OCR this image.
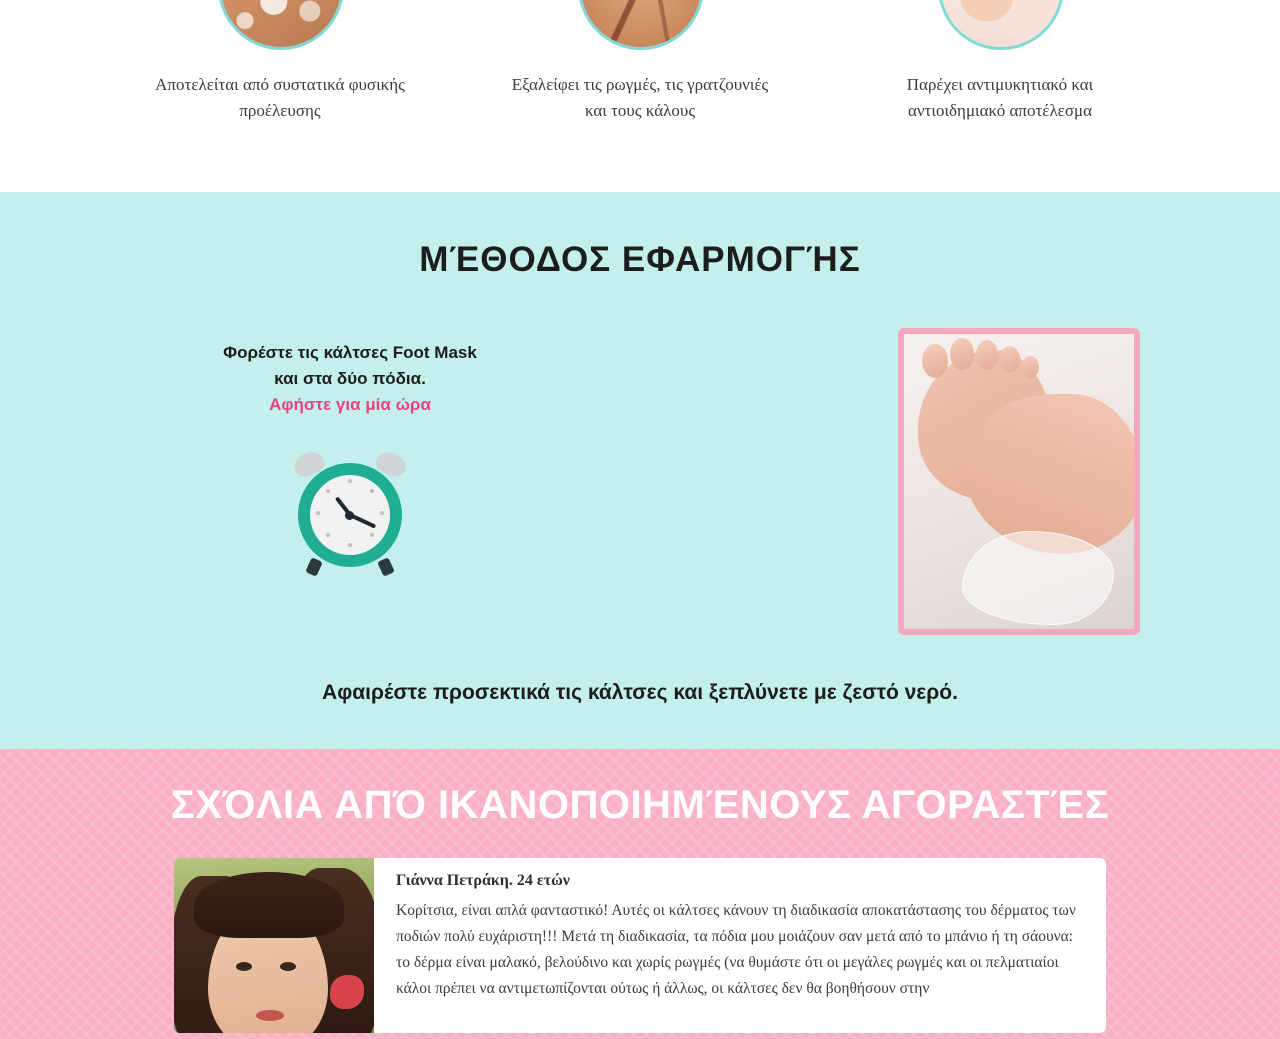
Αποτελείται από συστατικά φυσικής προέλευσης
Εξαλείφει τις ρωγμές, τις γρατζουνιές και τους κάλους
Παρέχει αντιμυκητιακό και αντιοιδημιακό αποτέλεσμα
ΜΈΘΟΔΟΣ ΕΦΑΡΜΟΓΉΣ
Φορέστε τις κάλτσες Foot Mask και στα δύο πόδια.
Αφήστε για μία ώρα
Αφαιρέστε προσεκτικά τις κάλτσες και ξεπλύνετε με ζεστό νερό.
ΣΧΌΛΙΑ ΑΠΌ ΙΚΑΝΟΠΟΙΗΜΈΝΟΥΣ ΑΓΟΡΑΣΤΈΣ
Γιάννα Πετράκη. 24 ετών
Κορίτσια, είναι απλά φανταστικό! Αυτές οι κάλτσες κάνουν τη διαδικασία αποκατάστασης του δέρματος των ποδιών πολύ ευχάριστη!!! Μετά τη διαδικασία, τα πόδια μου μοιάζουν σαν μετά από το μπάνιο ή τη σάουνα: το δέρμα είναι μαλακό, βελούδινο και χωρίς ρωγμές (να θυμάστε ότι οι μεγάλες ρωγμές και οι πελματιαίοι κάλοι πρέπει να αντιμετωπίζονται ούτως ή άλλως, οι κάλτσες δεν θα βοηθήσουν στην
